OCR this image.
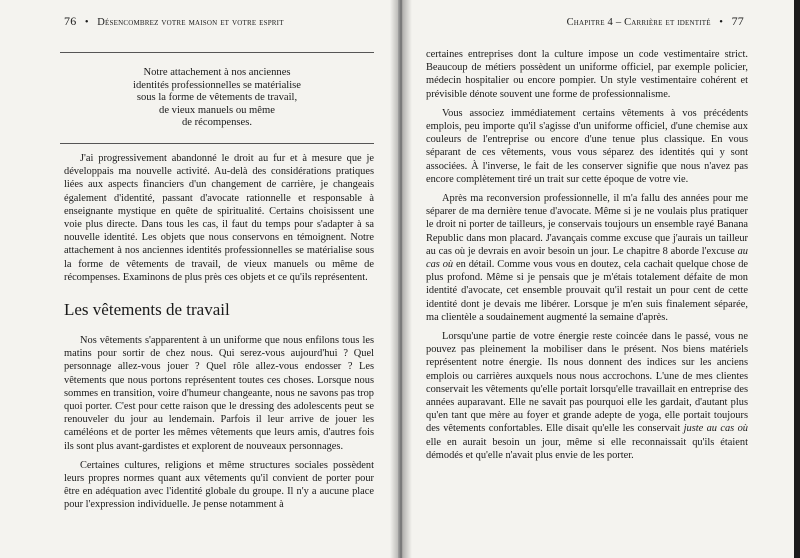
76 • Désencombrez votre maison et votre esprit
Notre attachement à nos anciennes
identités professionnelles se matérialise
sous la forme de vêtements de travail,
de vieux manuels ou même
de récompenses.

J'ai progressivement abandonné le droit au fur et à mesure que je développais ma nouvelle activité. Au-delà des considérations pratiques liées aux aspects financiers d'un changement de carrière, je changeais également d'identité, passant d'avocate rationnelle et responsable à enseignante mystique en quête de spiritualité. Certains choisissent une voie plus directe. Dans tous les cas, il faut du temps pour s'adapter à sa nouvelle identité. Les objets que nous conservons en témoignent. Notre attachement à nos anciennes identités professionnelles se matérialise sous la forme de vêtements de travail, de vieux manuels ou même de récompenses. Examinons de plus près ces objets et ce qu'ils représentent.

Les vêtements de travail

Nos vêtements s'apparentent à un uniforme que nous enfilons tous les matins pour sortir de chez nous. Qui serez-vous aujourd'hui ? Quel personnage allez-vous jouer ? Quel rôle allez-vous endosser ? Les vêtements que nous portons représentent toutes ces choses. Lorsque nous sommes en transition, voire d'humeur changeante, nous ne savons pas trop quoi porter. C'est pour cette raison que le dressing des adolescents peut se renouveler du jour au lendemain. Parfois il leur arrive de jouer les caméléons et de porter les mêmes vêtements que leurs amis, d'autres fois ils sont plus avant-gardistes et explorent de nouveaux personnages.

Certaines cultures, religions et même structures sociales possèdent leurs propres normes quant aux vêtements qu'il convient de porter pour être en adéquation avec l'identité globale du groupe. Il n'y a aucune place pour l'expression individuelle. Je pense notamment à

Chapitre 4 – Carrière et identité • 77

certaines entreprises dont la culture impose un code vestimentaire strict. Beaucoup de métiers possèdent un uniforme officiel, par exemple policier, médecin hospitalier ou encore pompier. Un style vestimentaire cohérent et prévisible dénote souvent une forme de professionnalisme.

Vous associez immédiatement certains vêtements à vos précédents emplois, peu importe qu'il s'agisse d'un uniforme officiel, d'une chemise aux couleurs de l'entreprise ou encore d'une tenue plus classique. En vous séparant de ces vêtements, vous vous séparez des identités qui y sont associées. À l'inverse, le fait de les conserver signifie que nous n'avez pas encore complètement tiré un trait sur cette époque de votre vie.

Après ma reconversion professionnelle, il m'a fallu des années pour me séparer de ma dernière tenue d'avocate. Même si je ne voulais plus pratiquer le droit ni porter de tailleurs, je conservais toujours un ensemble rayé Banana Republic dans mon placard. J'avançais comme excuse que j'aurais un tailleur au cas où je devrais en avoir besoin un jour. Le chapitre 8 aborde l'excuse au cas où en détail. Comme vous vous en doutez, cela cachait quelque chose de plus profond. Même si je pensais que je m'étais totalement défaite de mon identité d'avocate, cet ensemble prouvait qu'il restait un pour cent de cette identité dont je devais me libérer. Lorsque je m'en suis finalement séparée, ma clientèle a soudainement augmenté la semaine d'après.

Lorsqu'une partie de votre énergie reste coincée dans le passé, vous ne pouvez pas pleinement la mobiliser dans le présent. Nos biens matériels représentent notre énergie. Ils nous donnent des indices sur les anciens emplois ou carrières auxquels nous nous accrochons. L'une de mes clientes conservait les vêtements qu'elle portait lorsqu'elle travaillait en entreprise des années auparavant. Elle ne savait pas pourquoi elle les gardait, d'autant plus qu'en tant que mère au foyer et grande adepte de yoga, elle portait toujours des vêtements confortables. Elle disait qu'elle les conservait juste au cas où elle en aurait besoin un jour, même si elle reconnaissait qu'ils étaient démodés et qu'elle n'avait plus envie de les porter.
